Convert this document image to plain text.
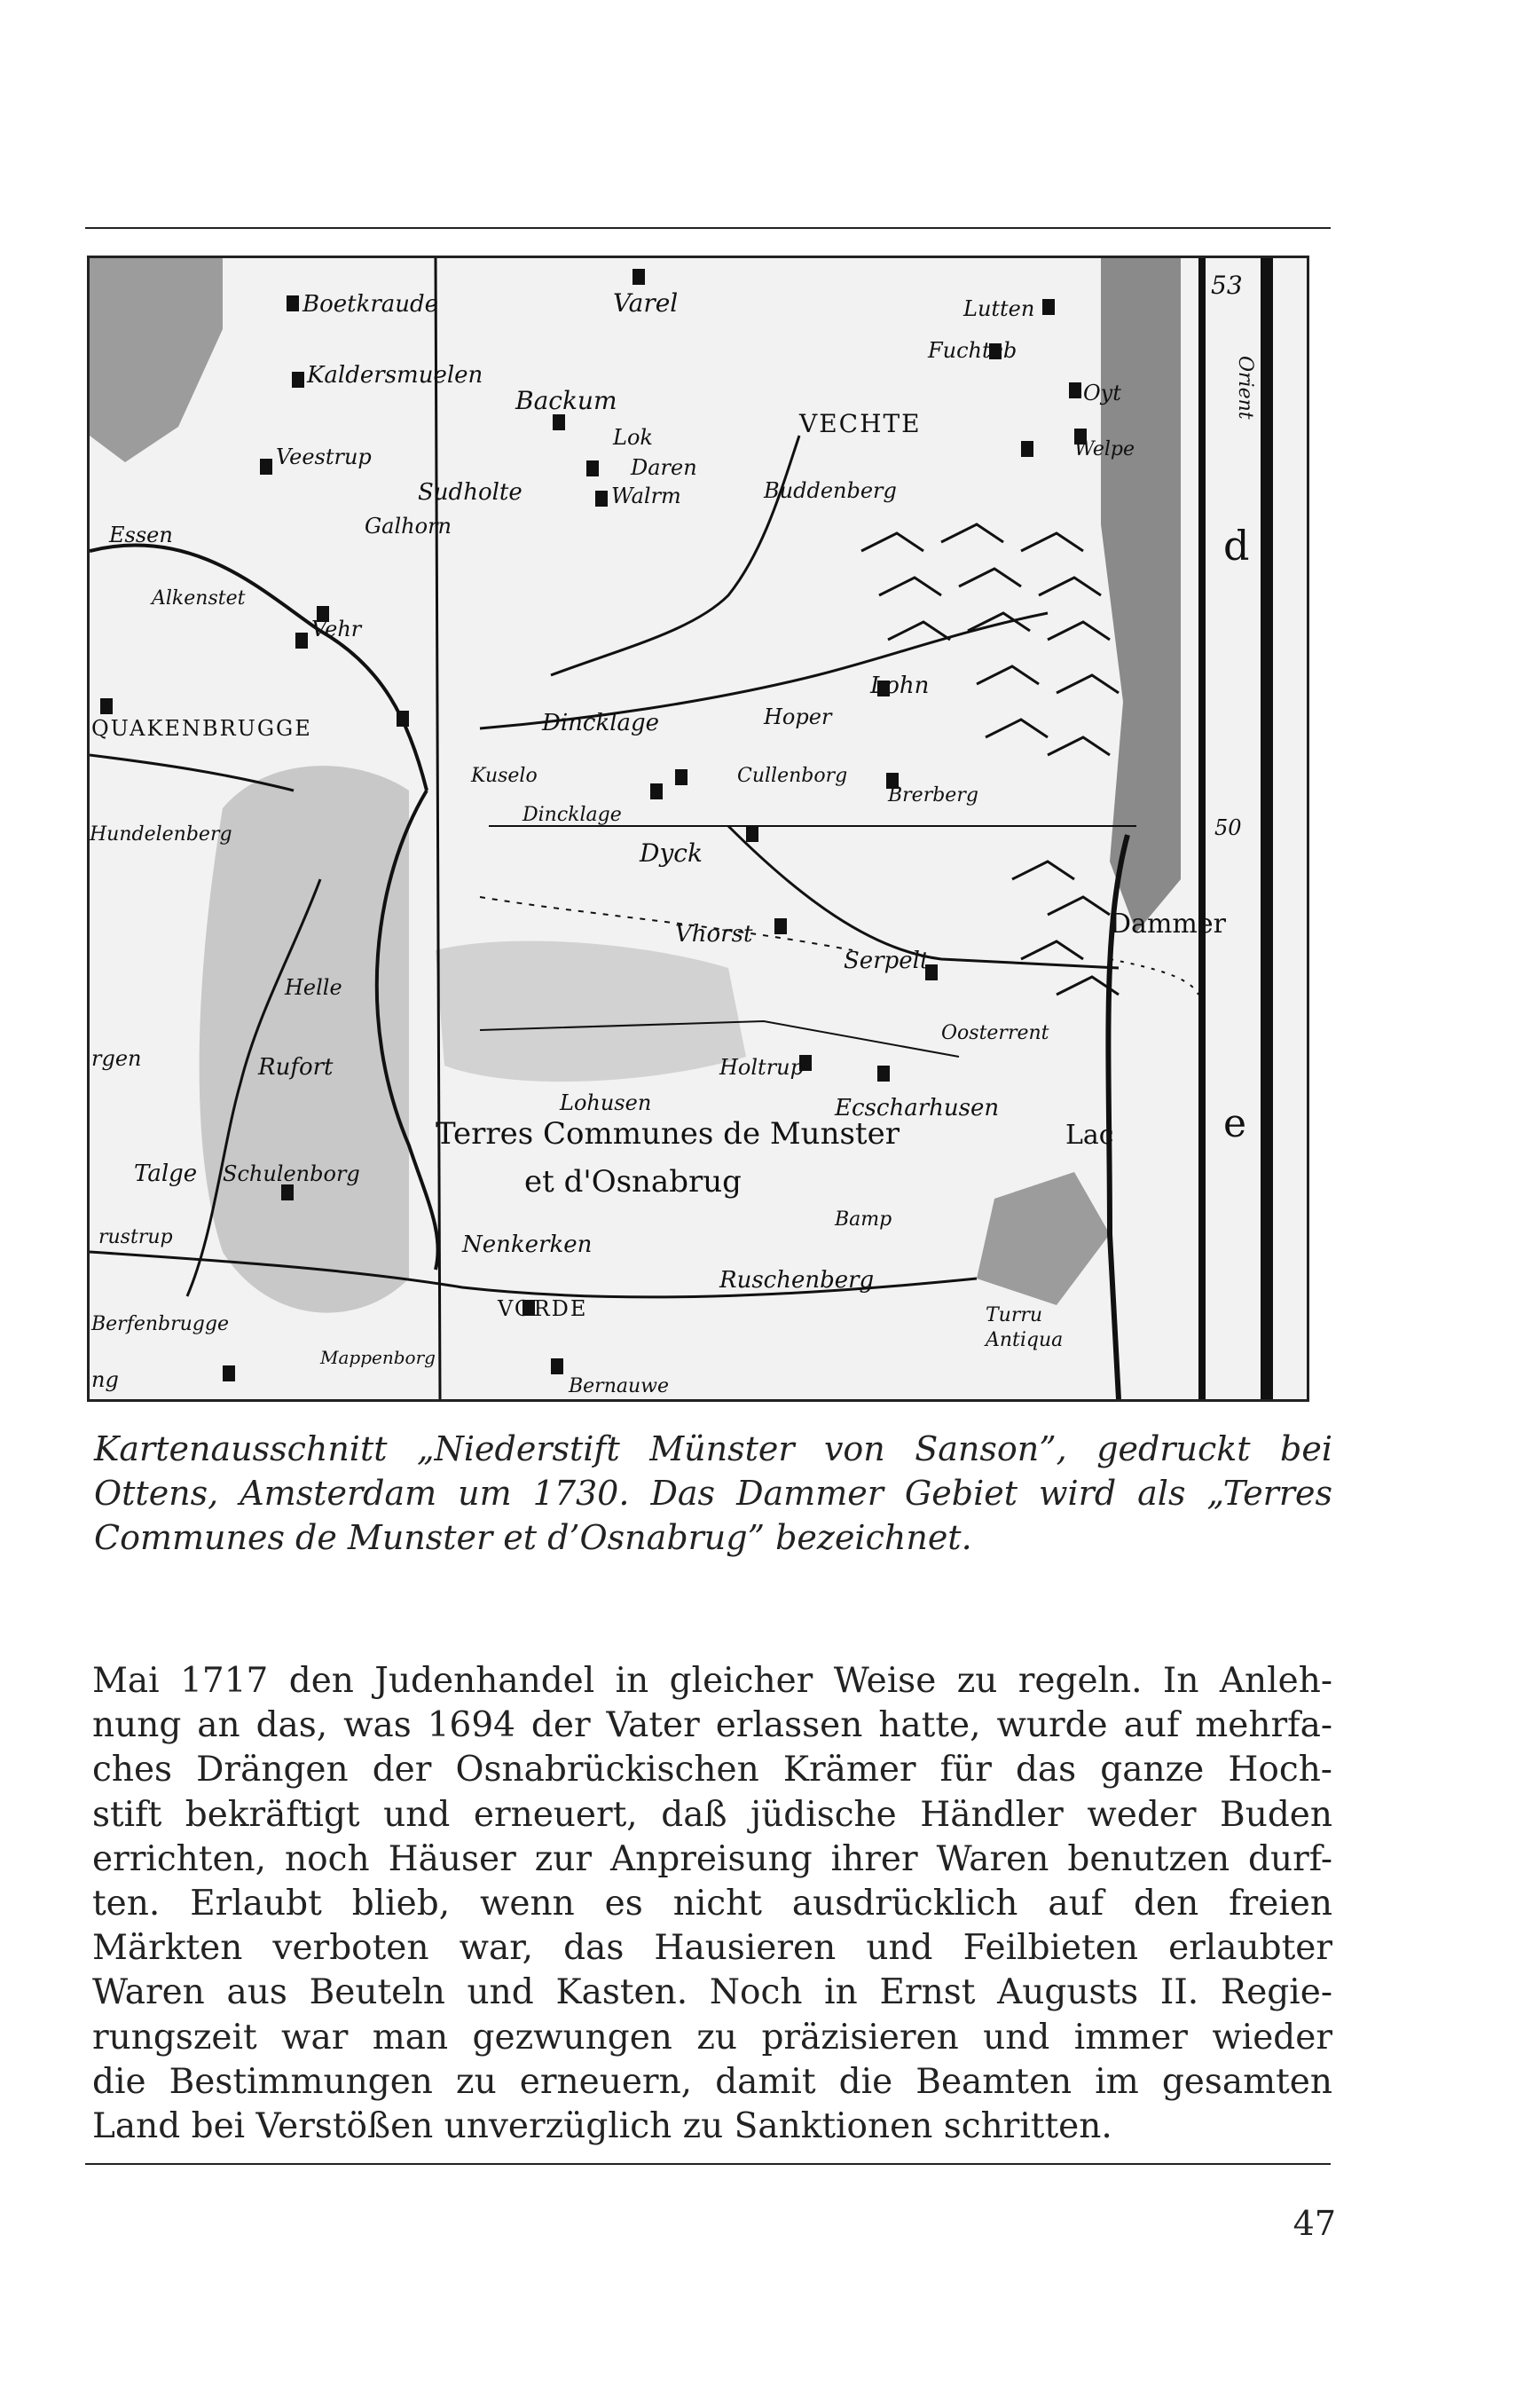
Boetkraude	Varel	Lutten
Kaldersmuelen
Fuchteb
Backum
Lok	VECHTE
Oyt
Veestrup	Daren
Welpe
Sudholte	Walrm	Buddenberg
Essen	Galhorn
Alkenstet
Vehr
Lohn
QUAKENBRUGGE	Dincklage	Hoper
Kuselo	Cullenborg
Brerberg
Hundelenberg
Dincklage
Dyck
Vhorst	Dammer
Serpelt
Helle
Oosterrent
rgen	Rufort	Holtrup
Lohusen	Ecscharhusen
Terres Communes de Munster	Lac
Talge Schulenborg	et d'Osnabrug
Bamp
rustrup	Nenkerken
Ruschenberg
VORDE	Turru
Antiqua
Berfenbrugge
Mappenborg
Bernauwe
ng
53
Orient
d
50
e
Kartenausschnitt „Niederstift Münster von Sanson”, gedruckt bei
Ottens, Amsterdam um 1730. Das Dammer Gebiet wird als „Terres
Communes de Munster et d’Osnabrug” bezeichnet.
Mai 1717 den Judenhandel in gleicher Weise zu regeln. In Anleh-
nung an das, was 1694 der Vater erlassen hatte, wurde auf mehrfa-
ches Drängen der Osnabrückischen Krämer für das ganze Hoch-
stift bekräftigt und erneuert, daß jüdische Händler weder Buden
errichten, noch Häuser zur Anpreisung ihrer Waren benutzen durf-
ten. Erlaubt blieb, wenn es nicht ausdrücklich auf den freien
Märkten verboten war, das Hausieren und Feilbieten erlaubter
Waren aus Beuteln und Kasten. Noch in Ernst Augusts II. Regie-
rungszeit war man gezwungen zu präzisieren und immer wieder
die Bestimmungen zu erneuern, damit die Beamten im gesamten
Land bei Verstößen unverzüglich zu Sanktionen schritten.
47
